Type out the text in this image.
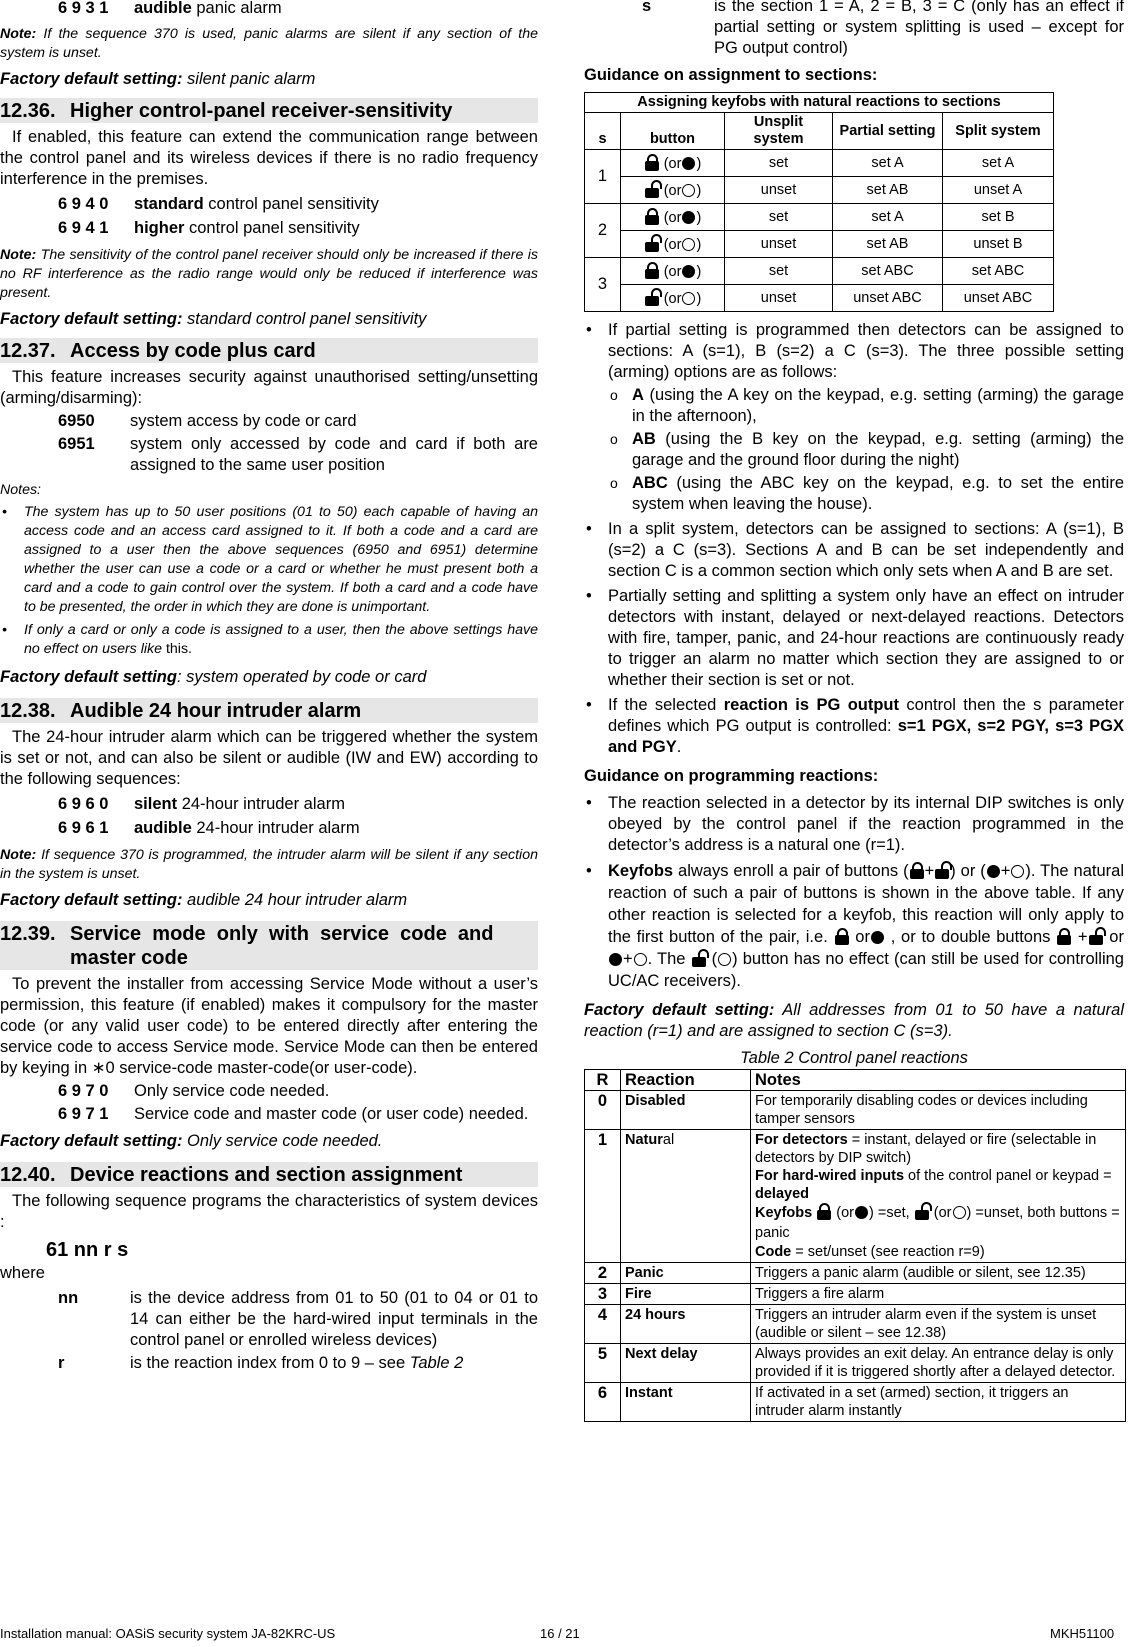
6 9 3 1	audible panic alarm

Note: If the sequence 370 is used, panic alarms are silent if any section of the system is unset.

Factory default setting: silent panic alarm

12.36. Higher control-panel receiver-sensitivity

If enabled, this feature can extend the communication range between the control panel and its wireless devices if there is no radio frequency interference in the premises.

6 9 4 0	standard control panel sensitivity
6 9 4 1	higher control panel sensitivity

Note: The sensitivity of the control panel receiver should only be increased if there is no RF interference as the radio range would only be reduced if interference was present.

Factory default setting: standard control panel sensitivity

12.37. Access by code plus card

This feature increases security against unauthorised setting/unsetting (arming/disarming):

6950	system access by code or card
6951	system only accessed by code and card if both are assigned to the same user position

Notes:

• The system has up to 50 user positions (01 to 50) each capable of having an access code and an access card assigned to it. If both a code and a card are assigned to a user then the above sequences (6950 and 6951) determine whether the user can use a code or a card or whether he must present both a card and a code to gain control over the system. If both a card and a code have to be presented, the order in which they are done is unimportant.
• If only a card or only a code is assigned to a user, then the above settings have no effect on users like this.

Factory default setting: system operated by code or card

12.38. Audible 24 hour intruder alarm

The 24-hour intruder alarm which can be triggered whether the system is set or not, and can also be silent or audible (IW and EW) according to the following sequences:

6 9 6 0	silent 24-hour intruder alarm
6 9 6 1	audible 24-hour intruder alarm

Note: If sequence 370 is programmed, the intruder alarm will be silent if any section in the system is unset.

Factory default setting: audible 24 hour intruder alarm

12.39. Service  mode  only  with  service  code  and
master code

To prevent the installer from accessing Service Mode without a user’s permission, this feature (if enabled) makes it compulsory for the master code (or any valid user code) to be entered directly after entering the service code to access Service mode. Service Mode can then be entered by keying in ∗0 service-code master-code(or user-code).

6 9 7 0	Only service code needed.
6 9 7 1	Service code and master code (or user code) needed.

Factory default setting: Only service code needed.

12.40. Device reactions and section assignment

The following sequence programs the characteristics of system devices :

61 nn r s

where

nn	is the device address from 01 to 50 (01 to 04 or 01 to 14 can either be the hard-wired input terminals in the control panel or enrolled wireless devices)
r	is the reaction index from 0 to 9 – see Table 2
s	is the section 1 = A, 2 = B, 3 = C (only has an effect if partial setting or system splitting is used – except for PG output control)

Guidance on assignment to sections:

Assigning keyfobs with natural reactions to sections				
s	button	Unsplit system	Partial setting	Split system
1	(or )	set	set A	set A
	(or )	unset	set AB	unset A
2	(or )	set	set A	set B
	(or )	unset	set AB	unset B
3	(or )	set	set ABC	set ABC
	(or )	unset	unset ABC	unset ABC
• If partial setting is programmed then detectors can be assigned to sections: A (s=1), B (s=2) a C (s=3). The three possible setting (arming) options are as follows:
o A (using the A key on the keypad, e.g. setting (arming) the garage in the afternoon),
o AB (using the B key on the keypad, e.g. setting (arming) the garage and the ground floor during the night)
o ABC (using the ABC key on the keypad, e.g. to set the entire system when leaving the house).
• In a split system, detectors can be assigned to sections: A (s=1), B (s=2) a C (s=3). Sections A and B can be set independently and section C is a common section which only sets when A and B are set.
• Partially setting and splitting a system only have an effect on intruder detectors with instant, delayed or next-delayed reactions. Detectors with fire, tamper, panic, and 24-hour reactions are continuously ready to trigger an alarm no matter which section they are assigned to or whether their section is set or not.
• If the selected reaction is PG output control then the s parameter defines which PG output is controlled: s=1 PGX, s=2 PGY, s=3 PGX and PGY.

Guidance on programming reactions:

• The reaction selected in a detector by its internal DIP switches is only obeyed by the control panel if the reaction programmed in the detector’s address is a natural one (r=1).
• Keyfobs always enroll a pair of buttons ( + ) or ( + ). The natural reaction of such a pair of buttons is shown in the above table. If any other reaction is selected for a keyfob, this reaction will only apply to the first button of the pair, i.e. or , or to double buttons + or + . The ( ) button has no effect (can still be used for controlling UC/AC receivers).

Factory default setting: All addresses from 01 to 50 have a natural reaction (r=1) and are assigned to section C (s=3).

Table 2 Control panel reactions

R	Reaction	Notes
0	Disabled	For temporarily disabling codes or devices including tamper sensors
1	Natural	For detectors = instant, delayed or fire (selectable in detectors by DIP switch)
For hard-wired inputs of the control panel or keypad = delayed
Keyfobs (or ) =set, (or ) =unset, both buttons = panic
Code = set/unset (see reaction r=9)

2	Panic	Triggers a panic alarm (audible or silent, see 12.35)
3	Fire	Triggers a fire alarm
4	24 hours	Triggers an intruder alarm even if the system is unset (audible or silent – see 12.38)
5	Next delay	Always provides an exit delay. An entrance delay is only provided if it is triggered shortly after a delayed detector.
6	Instant	If activated in a set (armed) section, it triggers an intruder alarm instantly
Installation manual: OASiS security system JA-82KRC-US	16 / 21	MKH51100
